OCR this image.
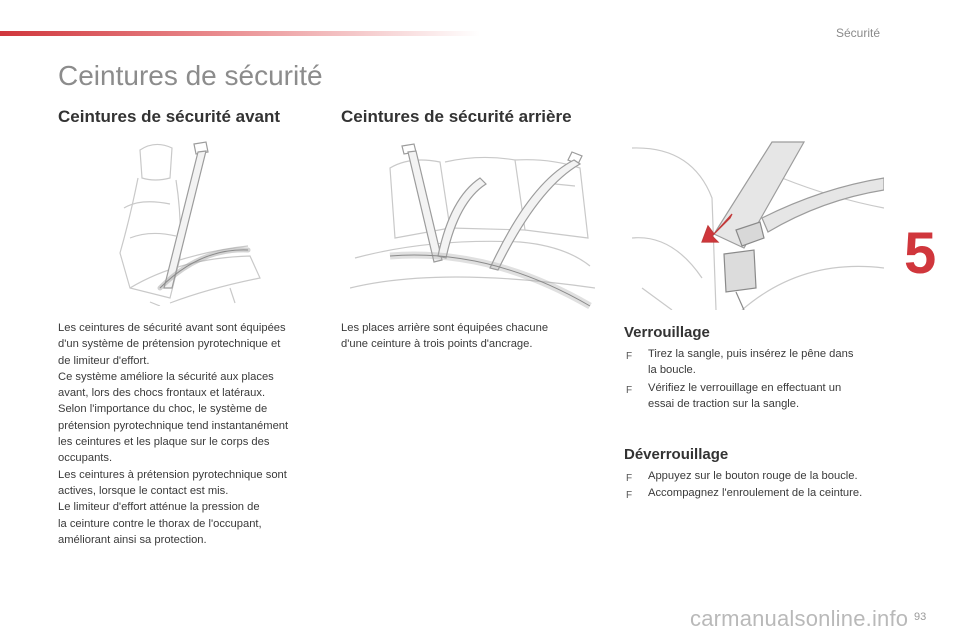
Sécurité
Ceintures de sécurité
Ceintures de sécurité avant	Ceintures de sécurité arrière

Les ceintures de sécurité avant sont équipées
d'un système de prétension pyrotechnique et
de limiteur d'effort.
Ce système améliore la sécurité aux places
avant, lors des chocs frontaux et latéraux.
Selon l'importance du choc, le système de
prétension pyrotechnique tend instantanément
les ceintures et les plaque sur le corps des
occupants.
Les ceintures à prétension pyrotechnique sont
actives, lorsque le contact est mis.
Le limiteur d'effort atténue la pression de
la ceinture contre le thorax de l'occupant,
améliorant ainsi sa protection.

Les places arrière sont équipées chacune
d'une ceinture à trois points d'ancrage.

Verrouillage
F Tirez la sangle, puis insérez le pêne dans
la boucle.
F Vérifiez le verrouillage en effectuant un
essai de traction sur la sangle.
Déverrouillage
F Appuyez sur le bouton rouge de la boucle.
F Accompagnez l'enroulement de la ceinture.
5
carmanualsonline.info 93
